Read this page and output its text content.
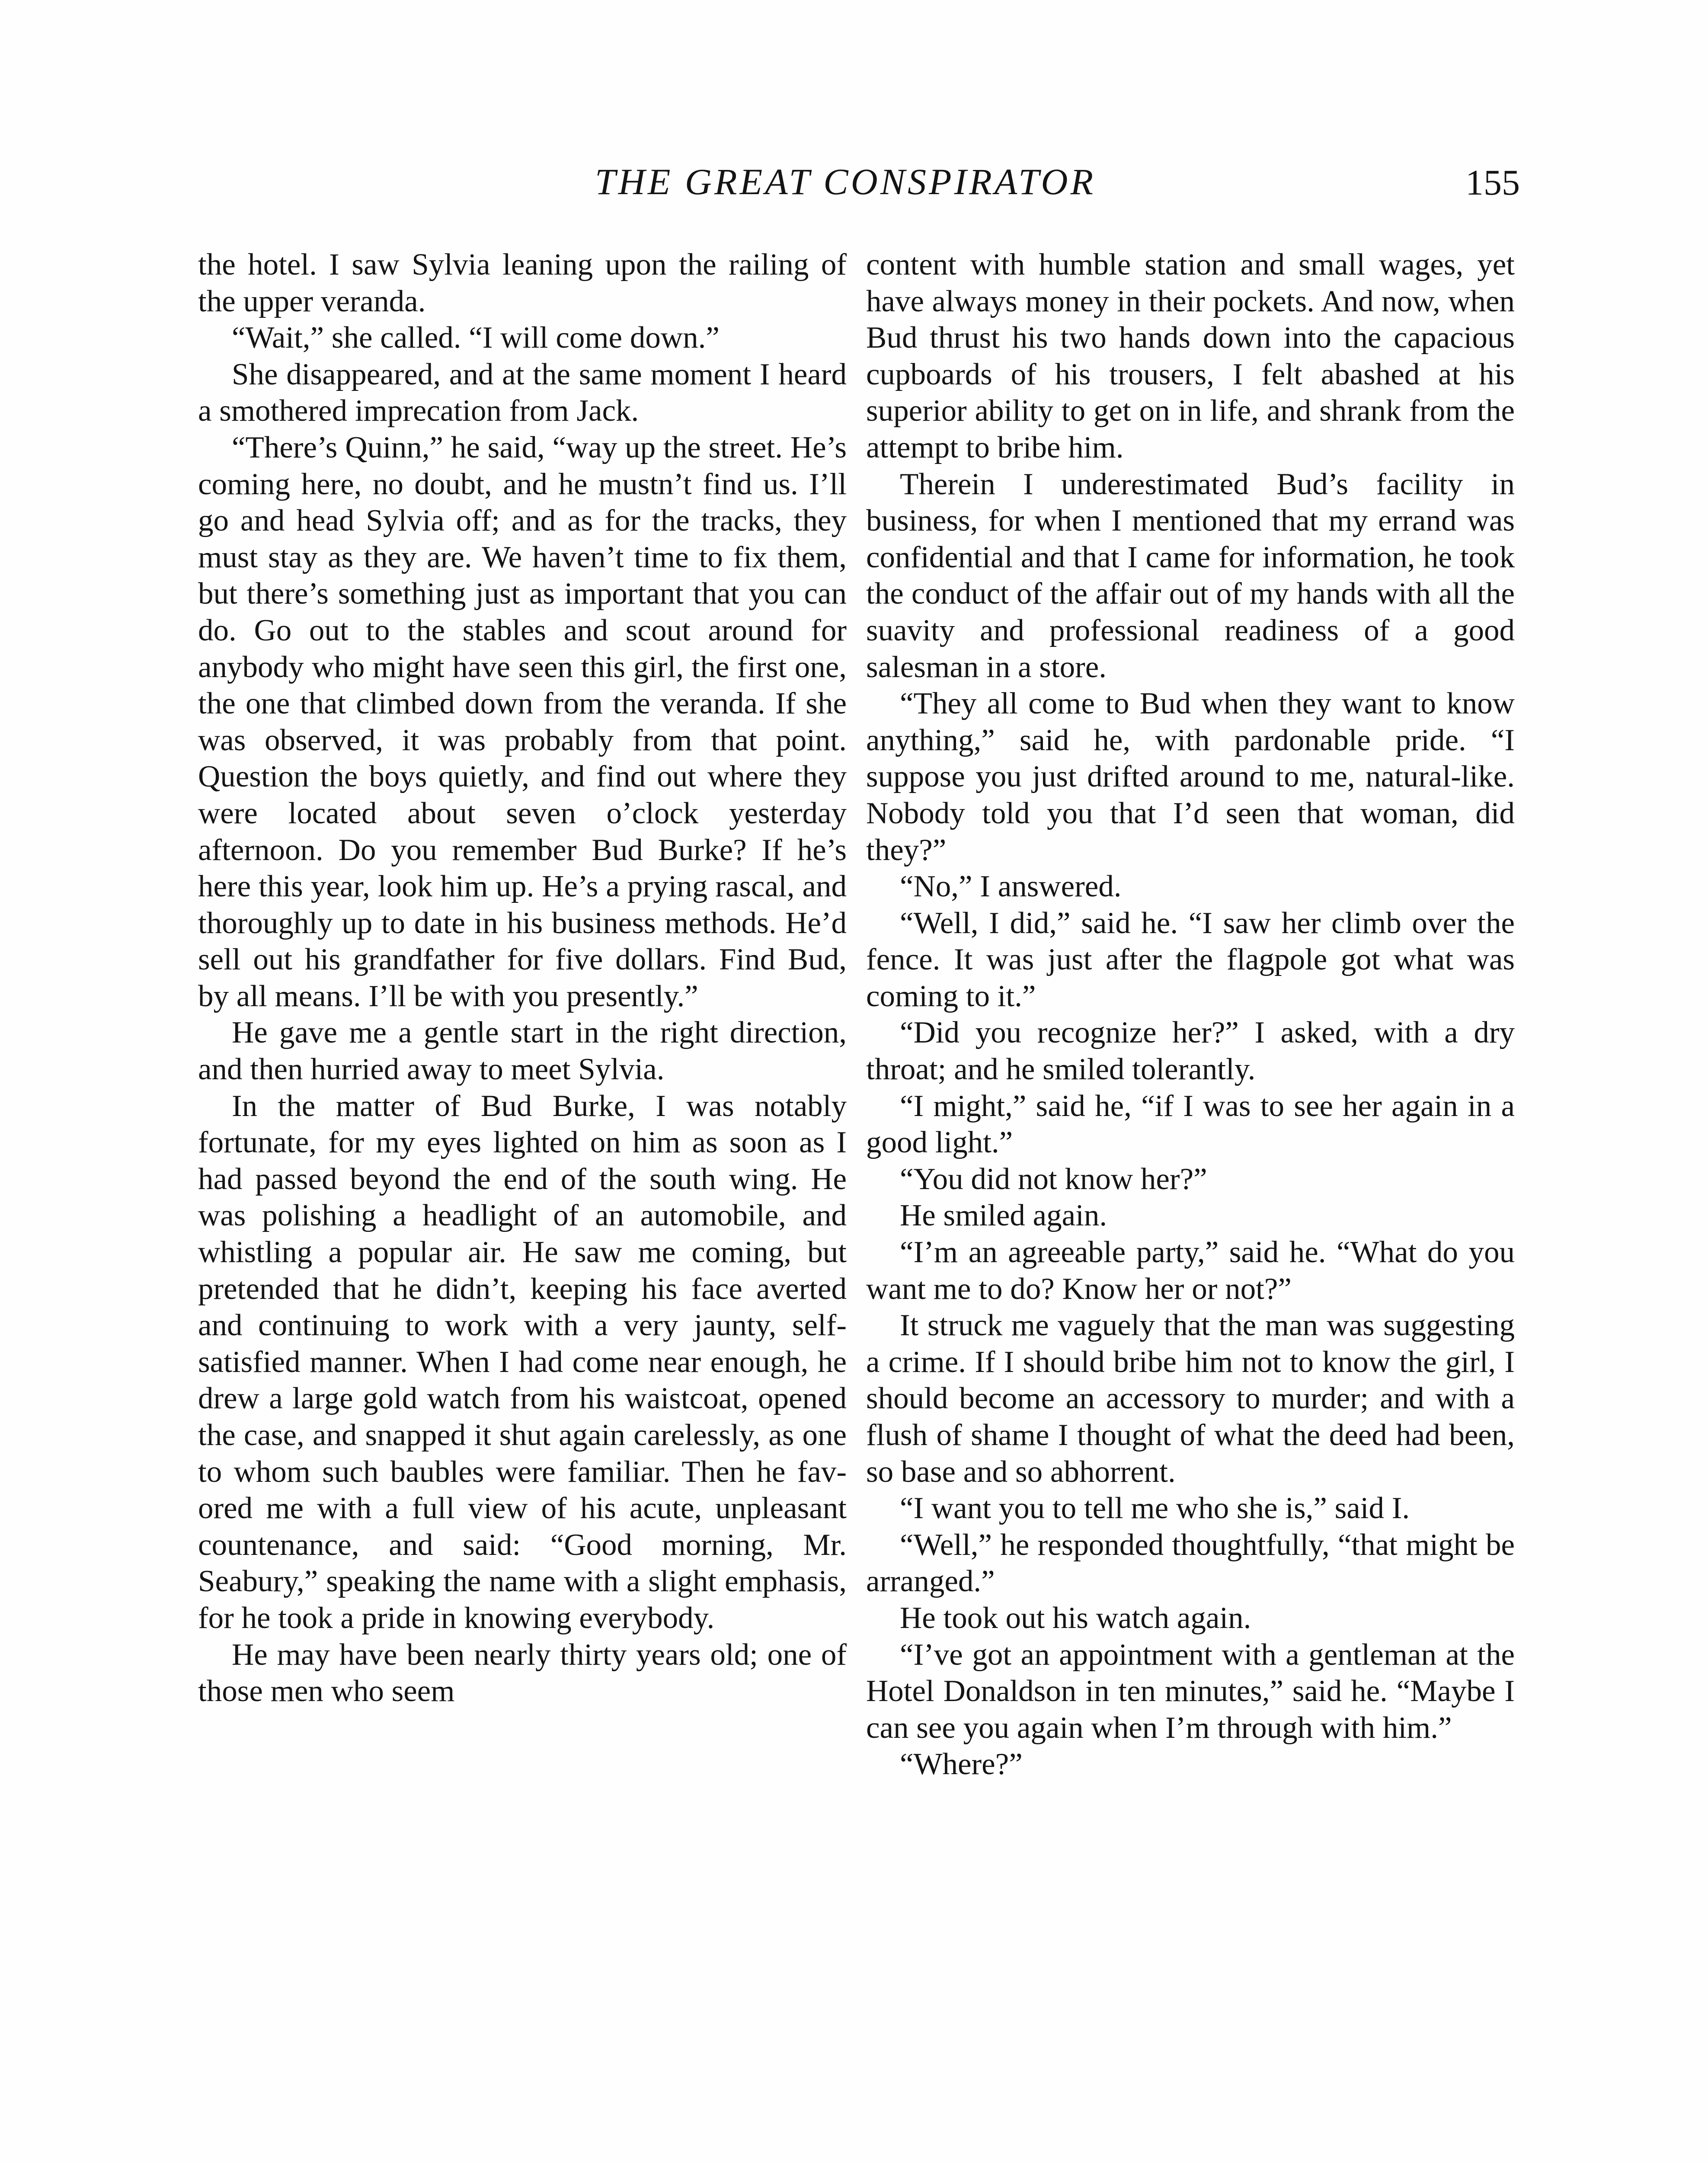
THE GREAT CONSPIRATOR	155

the hotel. I saw Sylvia leaning upon the railing of the upper veranda.

“Wait,” she called. “I will come down.”

She disappeared, and at the same moment I heard a smothered imprecation from Jack.

“There’s Quinn,” he said, “way up the street. He’s coming here, no doubt, and he mustn’t find us. I’ll go and head Sylvia off; and as for the tracks, they must stay as they are. We haven’t time to fix them, but there’s something just as important that you can do. Go out to the stables and scout around for anybody who might have seen this girl, the first one, the one that climbed down from the veranda. If she was observed, it was probably from that point. Question the boys quietly, and find out where they were located about seven o’clock yesterday afternoon. Do you remember Bud Burke? If he’s here this year, look him up. He’s a prying rascal, and thoroughly up to date in his business methods. He’d sell out his grandfather for five dollars. Find Bud, by all means. I’ll be with you presently.”

He gave me a gentle start in the right direction, and then hurried away to meet Sylvia.

In the matter of Bud Burke, I was notably fortunate, for my eyes lighted on him as soon as I had passed beyond the end of the south wing. He was polishing a headlight of an automobile, and whistling a popular air. He saw me coming, but pretended that he didn’t, keeping his face averted and continuing to work with a very jaunty, self-satisfied manner. When I had come near enough, he drew a large gold watch from his waistcoat, opened the case, and snapped it shut again carelessly, as one to whom such baubles were familiar. Then he favored me with a full view of his acute, unpleasant countenance, and said: “Good morning, Mr. Seabury,” speaking the name with a slight emphasis, for he took a pride in knowing everybody.

He may have been nearly thirty years old; one of those men who seem

content with humble station and small wages, yet have always money in their pockets. And now, when Bud thrust his two hands down into the capacious cupboards of his trousers, I felt abashed at his superior ability to get on in life, and shrank from the attempt to bribe him.

Therein I underestimated Bud’s facility in business, for when I mentioned that my errand was confidential and that I came for information, he took the conduct of the affair out of my hands with all the suavity and professional readiness of a good salesman in a store.

“They all come to Bud when they want to know anything,” said he, with pardonable pride. “I suppose you just drifted around to me, natural-like. Nobody told you that I’d seen that woman, did they?”

“No,” I answered.

“Well, I did,” said he. “I saw her climb over the fence. It was just after the flagpole got what was coming to it.”

“Did you recognize her?” I asked, with a dry throat; and he smiled tolerantly.

“I might,” said he, “if I was to see her again in a good light.”

“You did not know her?”

He smiled again.

“I’m an agreeable party,” said he. “What do you want me to do? Know her or not?”

It struck me vaguely that the man was suggesting a crime. If I should bribe him not to know the girl, I should become an accessory to murder; and with a flush of shame I thought of what the deed had been, so base and so abhorrent.

“I want you to tell me who she is,” said I.

“Well,” he responded thoughtfully, “that might be arranged.”

He took out his watch again.

“I’ve got an appointment with a gentleman at the Hotel Donaldson in ten minutes,” said he. “Maybe I can see you again when I’m through with him.”

“Where?”
